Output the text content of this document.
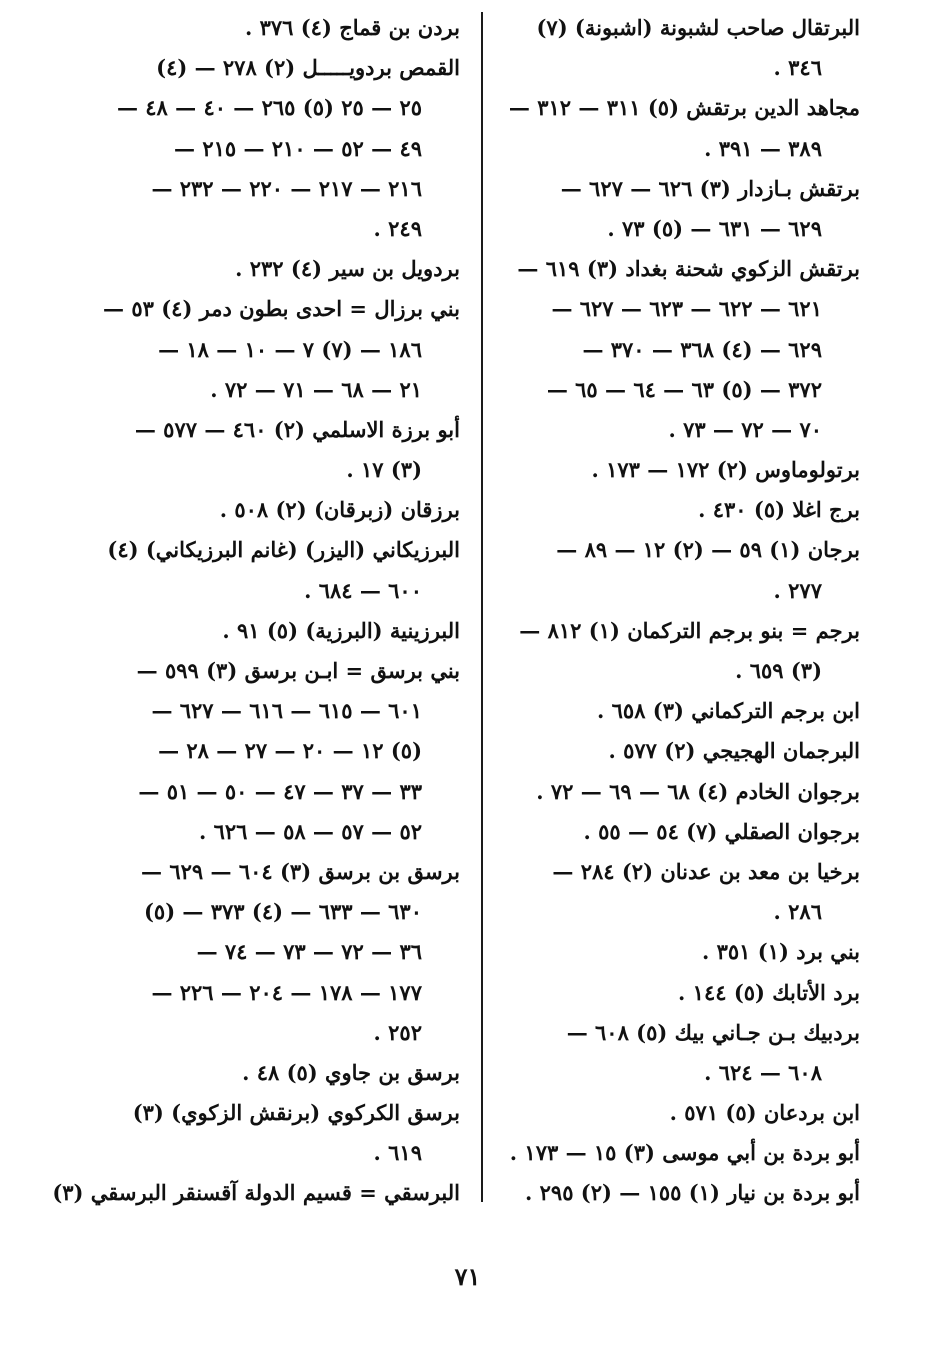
البرتقال صاحب لشبونة (اشبونة) (٧)
٣٤٦ .
مجاهد الدين برتقش (٥) ٣١١ — ٣١٢ —
٣٨٩ — ٣٩١ .
برتقش بـازدار (٣) ٦٢٦ — ٦٢٧ —
٦٢٩ — ٦٣١ — (٥) ٧٣ .
برتقش الزكوي شحنة بغداد (٣) ٦١٩ —
٦٢١ — ٦٢٢ — ٦٢٣ — ٦٢٧ —
٦٢٩ — (٤) ٣٦٨ — ٣٧٠ —
٣٧٢ — (٥) ٦٣ — ٦٤ — ٦٥ —
٧٠ — ٧٢ — ٧٣ .
برتولوماوس (٢) ١٧٢ — ١٧٣ .
برج اغلا (٥) ٤٣٠ .
برجان (١) ٥٩ — (٢) ١٢ — ٨٩ —
٢٧٧ .
برجم = بنو برجم التركمان (١) ٨١٢ —
(٣) ٦٥٩ .
ابن برجم التركماني (٣) ٦٥٨ .
البرجمان الهجيجي (٢) ٥٧٧ .
برجوان الخادم (٤) ٦٨ — ٦٩ — ٧٢ .
برجوان الصقلي (٧) ٥٤ — ٥٥ .
برخيا بن معد بن عدنان (٢) ٢٨٤ —
٢٨٦ .
بني برد (١) ٣٥١ .
برد الأتابك (٥) ١٤٤ .
بردبيك بـن جـاني بيك (٥) ٦٠٨ —
٦٠٨ — ٦٢٤ .
ابن بردعان (٥) ٥٧١ .
أبو بردة بن أبي موسى (٣) ١٥ — ١٧٣ .
أبو بردة بن نيار (١) ١٥٥ — (٢) ٢٩٥ .
بردن بن قماج (٤) ٣٧٦ .
القمص بردويـــــل (٢) ٢٧٨ — (٤)
٢٥ — ٢٥ (٥) ٢٦٥ — ٤٠ — ٤٨ —
٤٩ — ٥٢ — ٢١٠ — ٢١٥ —
٢١٦ — ٢١٧ — ٢٢٠ — ٢٣٢ —
٢٤٩ .
بردويل بن سير (٤) ٢٣٢ .
بني برزال = احدى بطون دمر (٤) ٥٣ —
١٨٦ — (٧) ٧ — ١٠ — ١٨ —
٢١ — ٦٨ — ٧١ — ٧٢ .
أبو برزة الاسلمي (٢) ٤٦٠ — ٥٧٧ —
(٣) ١٧ .
برزقان (زبرقان) (٢) ٥٠٨ .
البرزيكاني (اليزر) (غانم البرزيكاني) (٤)
٦٠٠ — ٦٨٤ .
البرزينية (البرزية) (٥) ٩١ .
بني برسق = ابـن برسق (٣) ٥٩٩ —
٦٠١ — ٦١٥ — ٦١٦ — ٦٢٧ —
(٥) ١٢ — ٢٠ — ٢٧ — ٢٨ —
٣٣ — ٣٧ — ٤٧ — ٥٠ — ٥١ —
٥٢ — ٥٧ — ٥٨ — ٦٢٦ .
برسق بن برسق (٣) ٦٠٤ — ٦٢٩ —
٦٣٠ — ٦٣٣ — (٤) ٣٧٣ — (٥)
٣٦ — ٧٢ — ٧٣ — ٧٤ —
١٧٧ — ١٧٨ — ٢٠٤ — ٢٢٦ —
٢٥٢ .
برسق بن جاوي (٥) ٤٨ .
برسق الكركوي (برنقش الزكوي) (٣)
٦١٩ .
البرسقي = قسيم الدولة آقسنقر البرسقي (٣)
٧١
